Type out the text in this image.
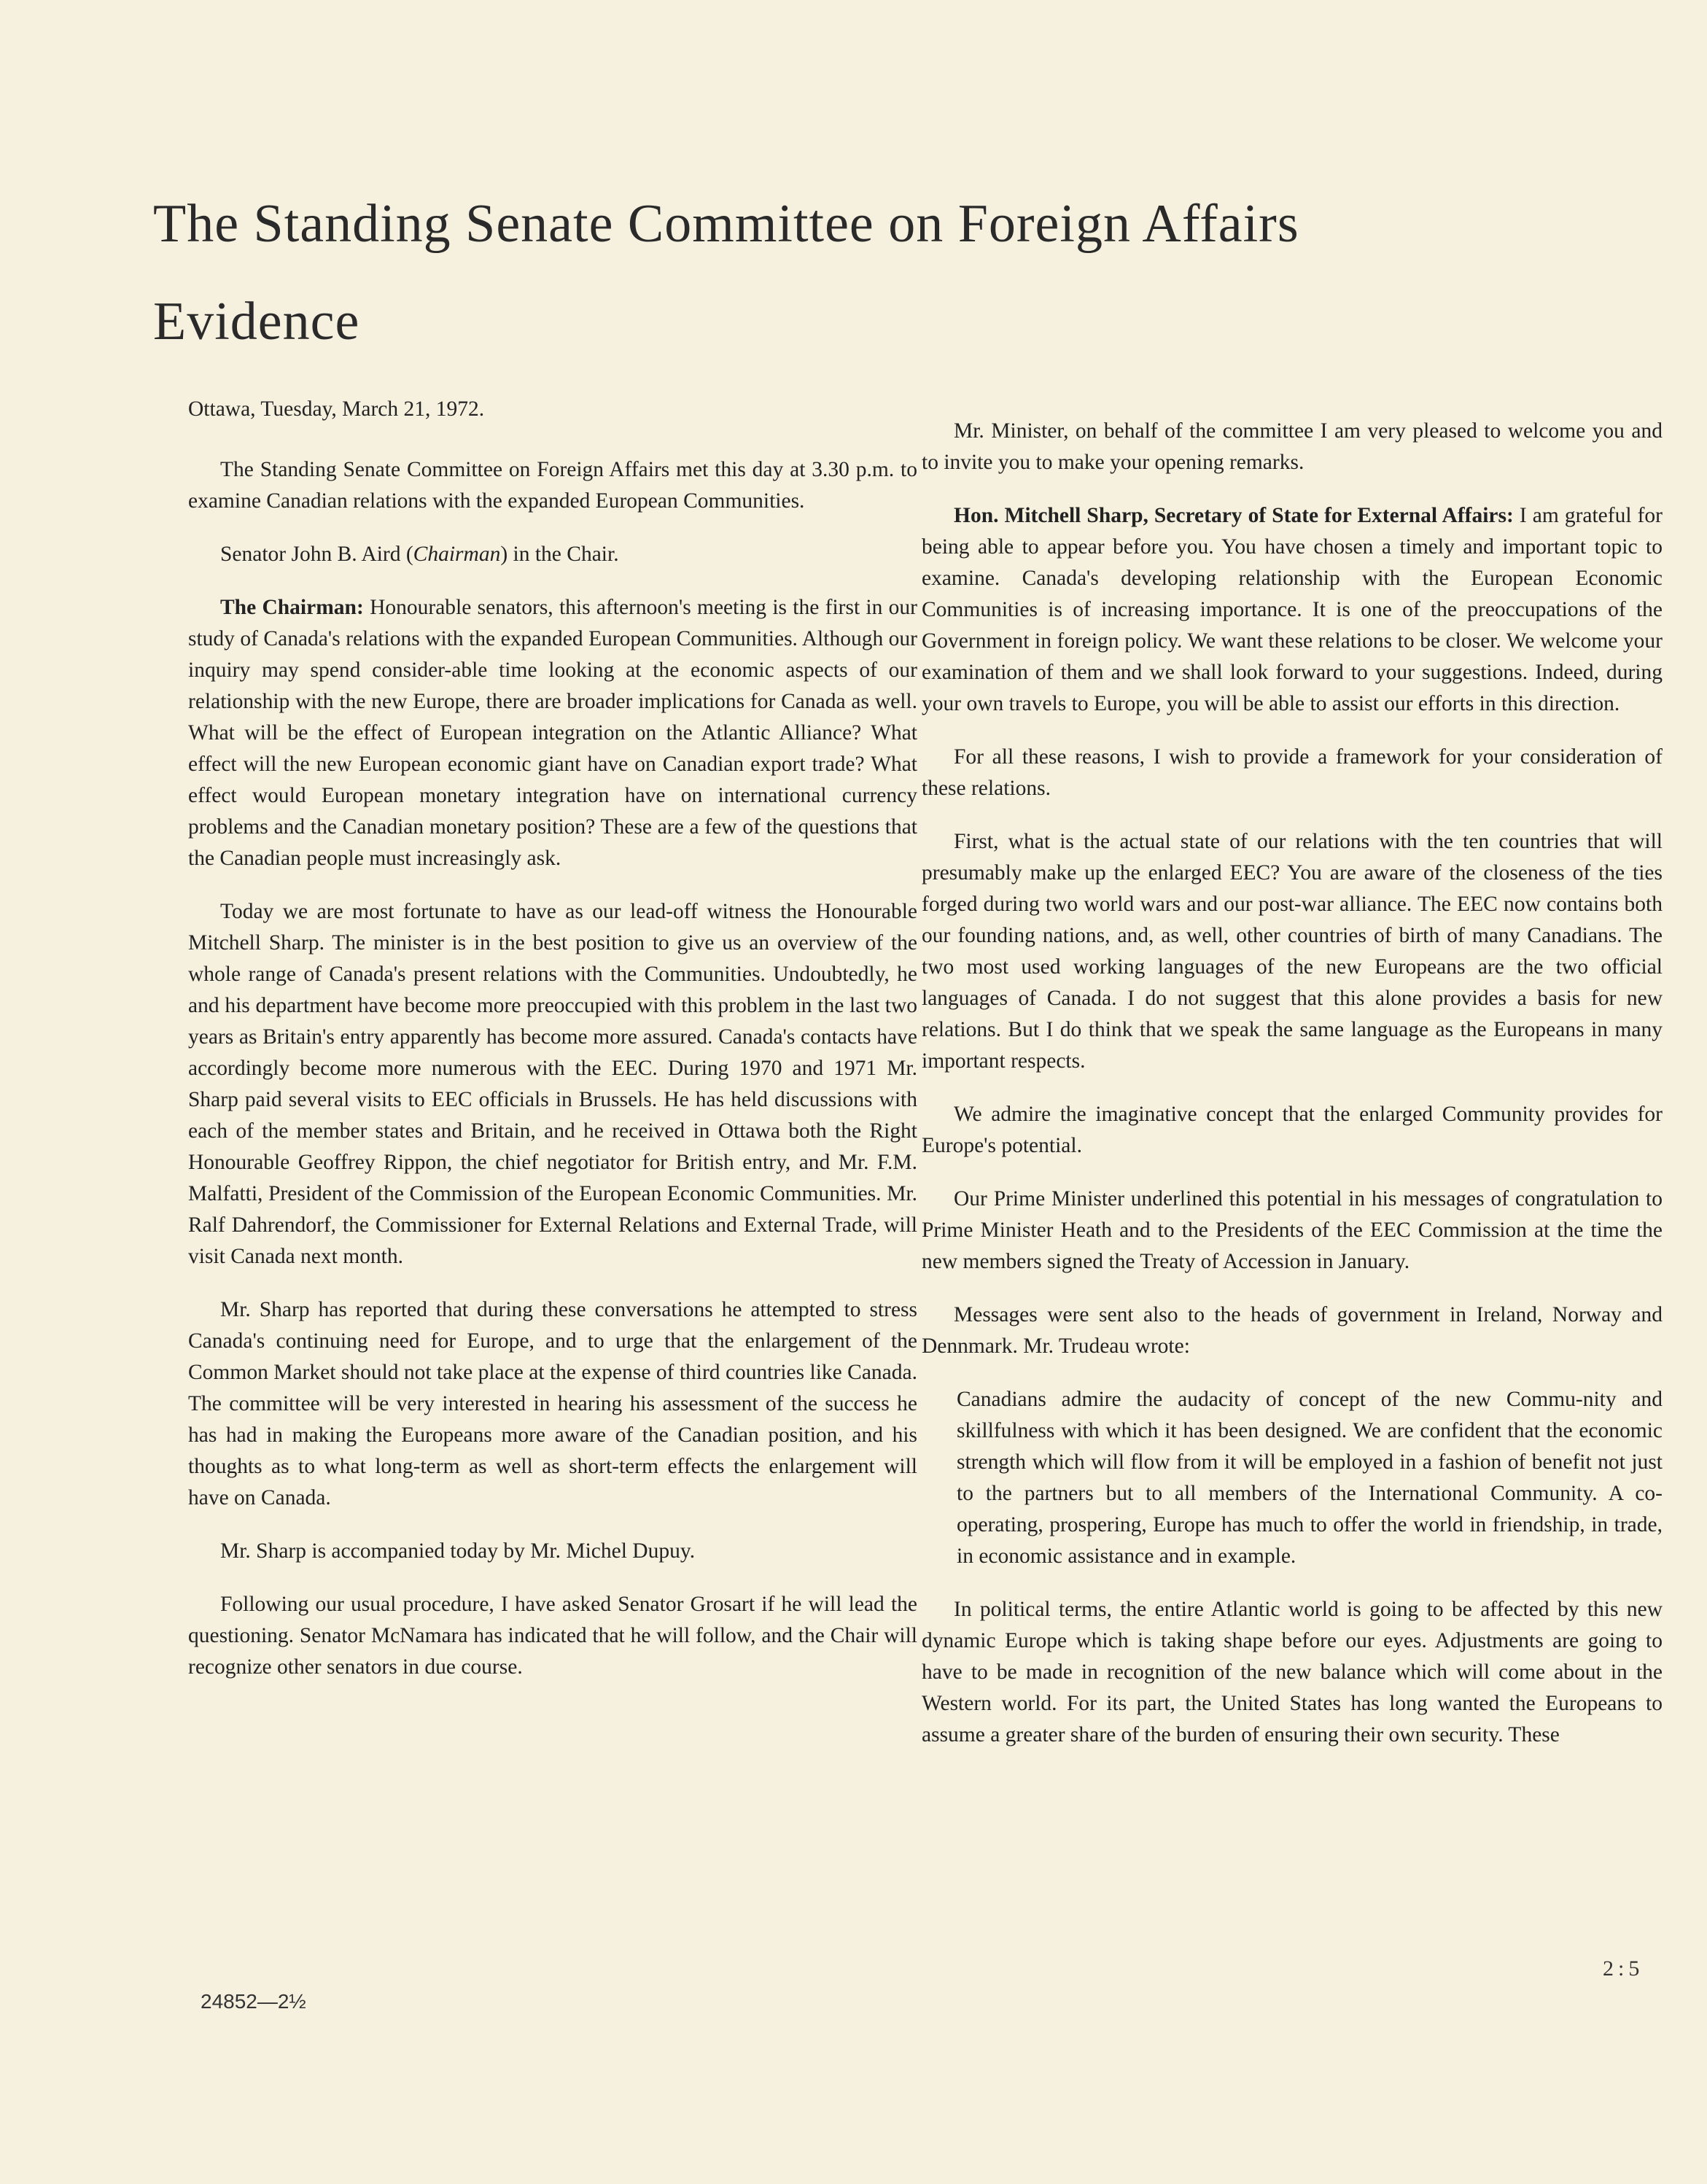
The Standing Senate Committee on Foreign Affairs
Evidence

Ottawa, Tuesday, March 21, 1972.

The Standing Senate Committee on Foreign Affairs met this day at 3.30 p.m. to examine Canadian relations with the expanded European Communities.

Senator John B. Aird (Chairman) in the Chair.

The Chairman: Honourable senators, this afternoon's meeting is the first in our study of Canada's relations with the expanded European Communities. Although our inquiry may spend consider-able time looking at the economic aspects of our relationship with the new Europe, there are broader implications for Canada as well. What will be the effect of European integration on the Atlantic Alliance? What effect will the new European economic giant have on Canadian export trade? What effect would European monetary integration have on international currency problems and the Canadian monetary position? These are a few of the questions that the Canadian people must increasingly ask.

Today we are most fortunate to have as our lead-off witness the Honourable Mitchell Sharp. The minister is in the best position to give us an overview of the whole range of Canada's present relations with the Communities. Undoubtedly, he and his department have become more preoccupied with this problem in the last two years as Britain's entry apparently has become more assured. Canada's contacts have accordingly become more numerous with the EEC. During 1970 and 1971 Mr. Sharp paid several visits to EEC officials in Brussels. He has held discussions with each of the member states and Britain, and he received in Ottawa both the Right Honourable Geoffrey Rippon, the chief negotiator for British entry, and Mr. F.M. Malfatti, President of the Commission of the European Economic Communities. Mr. Ralf Dahrendorf, the Commissioner for External Relations and External Trade, will visit Canada next month.

Mr. Sharp has reported that during these conversations he attempted to stress Canada's continuing need for Europe, and to urge that the enlargement of the Common Market should not take place at the expense of third countries like Canada. The committee will be very interested in hearing his assessment of the success he has had in making the Europeans more aware of the Canadian position, and his thoughts as to what long-term as well as short-term effects the enlargement will have on Canada.

Mr. Sharp is accompanied today by Mr. Michel Dupuy.

Following our usual procedure, I have asked Senator Grosart if he will lead the questioning. Senator McNamara has indicated that he will follow, and the Chair will recognize other senators in due course.

Mr. Minister, on behalf of the committee I am very pleased to welcome you and to invite you to make your opening remarks.

Hon. Mitchell Sharp, Secretary of State for External Affairs: I am grateful for being able to appear before you. You have chosen a timely and important topic to examine. Canada's developing relationship with the European Economic Communities is of increasing importance. It is one of the preoccupations of the Government in foreign policy. We want these relations to be closer. We welcome your examination of them and we shall look forward to your suggestions. Indeed, during your own travels to Europe, you will be able to assist our efforts in this direction.

For all these reasons, I wish to provide a framework for your consideration of these relations.

First, what is the actual state of our relations with the ten countries that will presumably make up the enlarged EEC? You are aware of the closeness of the ties forged during two world wars and our post-war alliance. The EEC now contains both our founding nations, and, as well, other countries of birth of many Canadians. The two most used working languages of the new Europeans are the two official languages of Canada. I do not suggest that this alone provides a basis for new relations. But I do think that we speak the same language as the Europeans in many important respects.

We admire the imaginative concept that the enlarged Community provides for Europe's potential.

Our Prime Minister underlined this potential in his messages of congratulation to Prime Minister Heath and to the Presidents of the EEC Commission at the time the new members signed the Treaty of Accession in January.

Messages were sent also to the heads of government in Ireland, Norway and Dennmark. Mr. Trudeau wrote:

Canadians admire the audacity of concept of the new Commu-nity and skillfulness with which it has been designed. We are confident that the economic strength which will flow from it will be employed in a fashion of benefit not just to the partners but to all members of the International Community. A co-operating, prospering, Europe has much to offer the world in friendship, in trade, in economic assistance and in example.

In political terms, the entire Atlantic world is going to be affected by this new dynamic Europe which is taking shape before our eyes. Adjustments are going to have to be made in recognition of the new balance which will come about in the Western world. For its part, the United States has long wanted the Europeans to assume a greater share of the burden of ensuring their own security. These

24852—2½
2:5
